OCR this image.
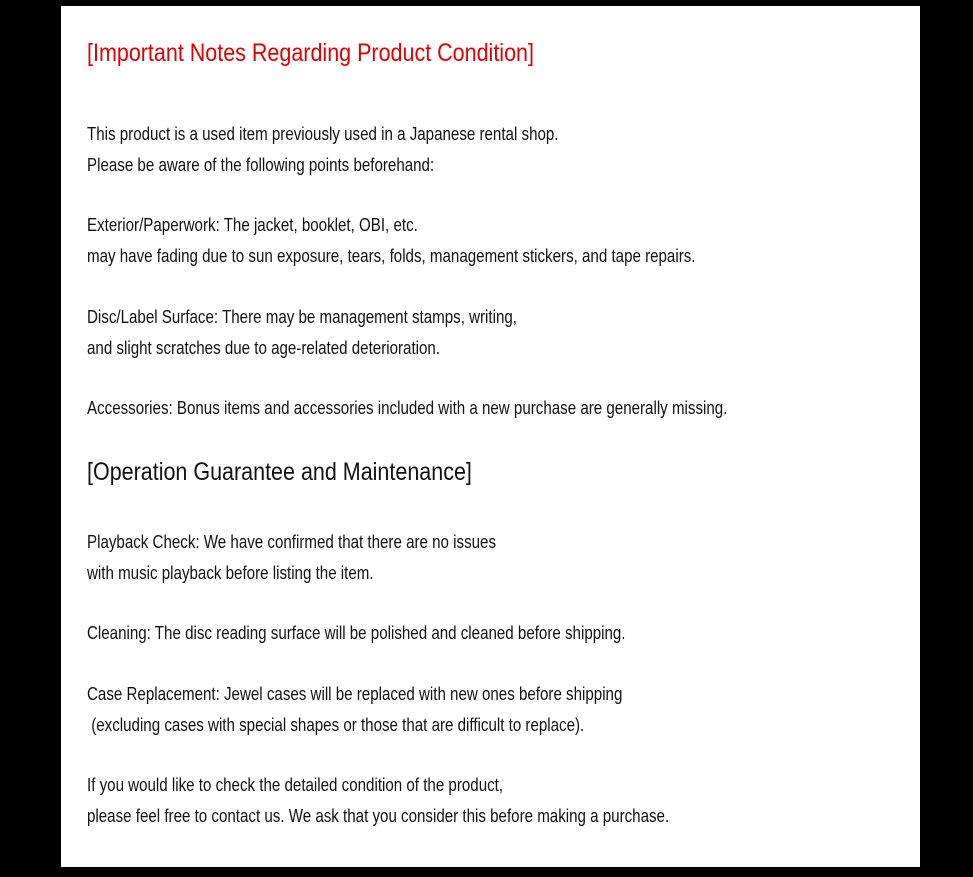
[Important Notes Regarding Product Condition]

This product is a used item previously used in a Japanese rental shop.
Please be aware of the following points beforehand:

Exterior/Paperwork: The jacket, booklet, OBI, etc.
may have fading due to sun exposure, tears, folds, management stickers, and tape repairs.

Disc/Label Surface: There may be management stamps, writing,
and slight scratches due to age-related deterioration.

Accessories: Bonus items and accessories included with a new purchase are generally missing.

[Operation Guarantee and Maintenance]

Playback Check: We have confirmed that there are no issues
with music playback before listing the item.

Cleaning: The disc reading surface will be polished and cleaned before shipping.

Case Replacement: Jewel cases will be replaced with new ones before shipping
(excluding cases with special shapes or those that are difficult to replace).

If you would like to check the detailed condition of the product,
please feel free to contact us. We ask that you consider this before making a purchase.
